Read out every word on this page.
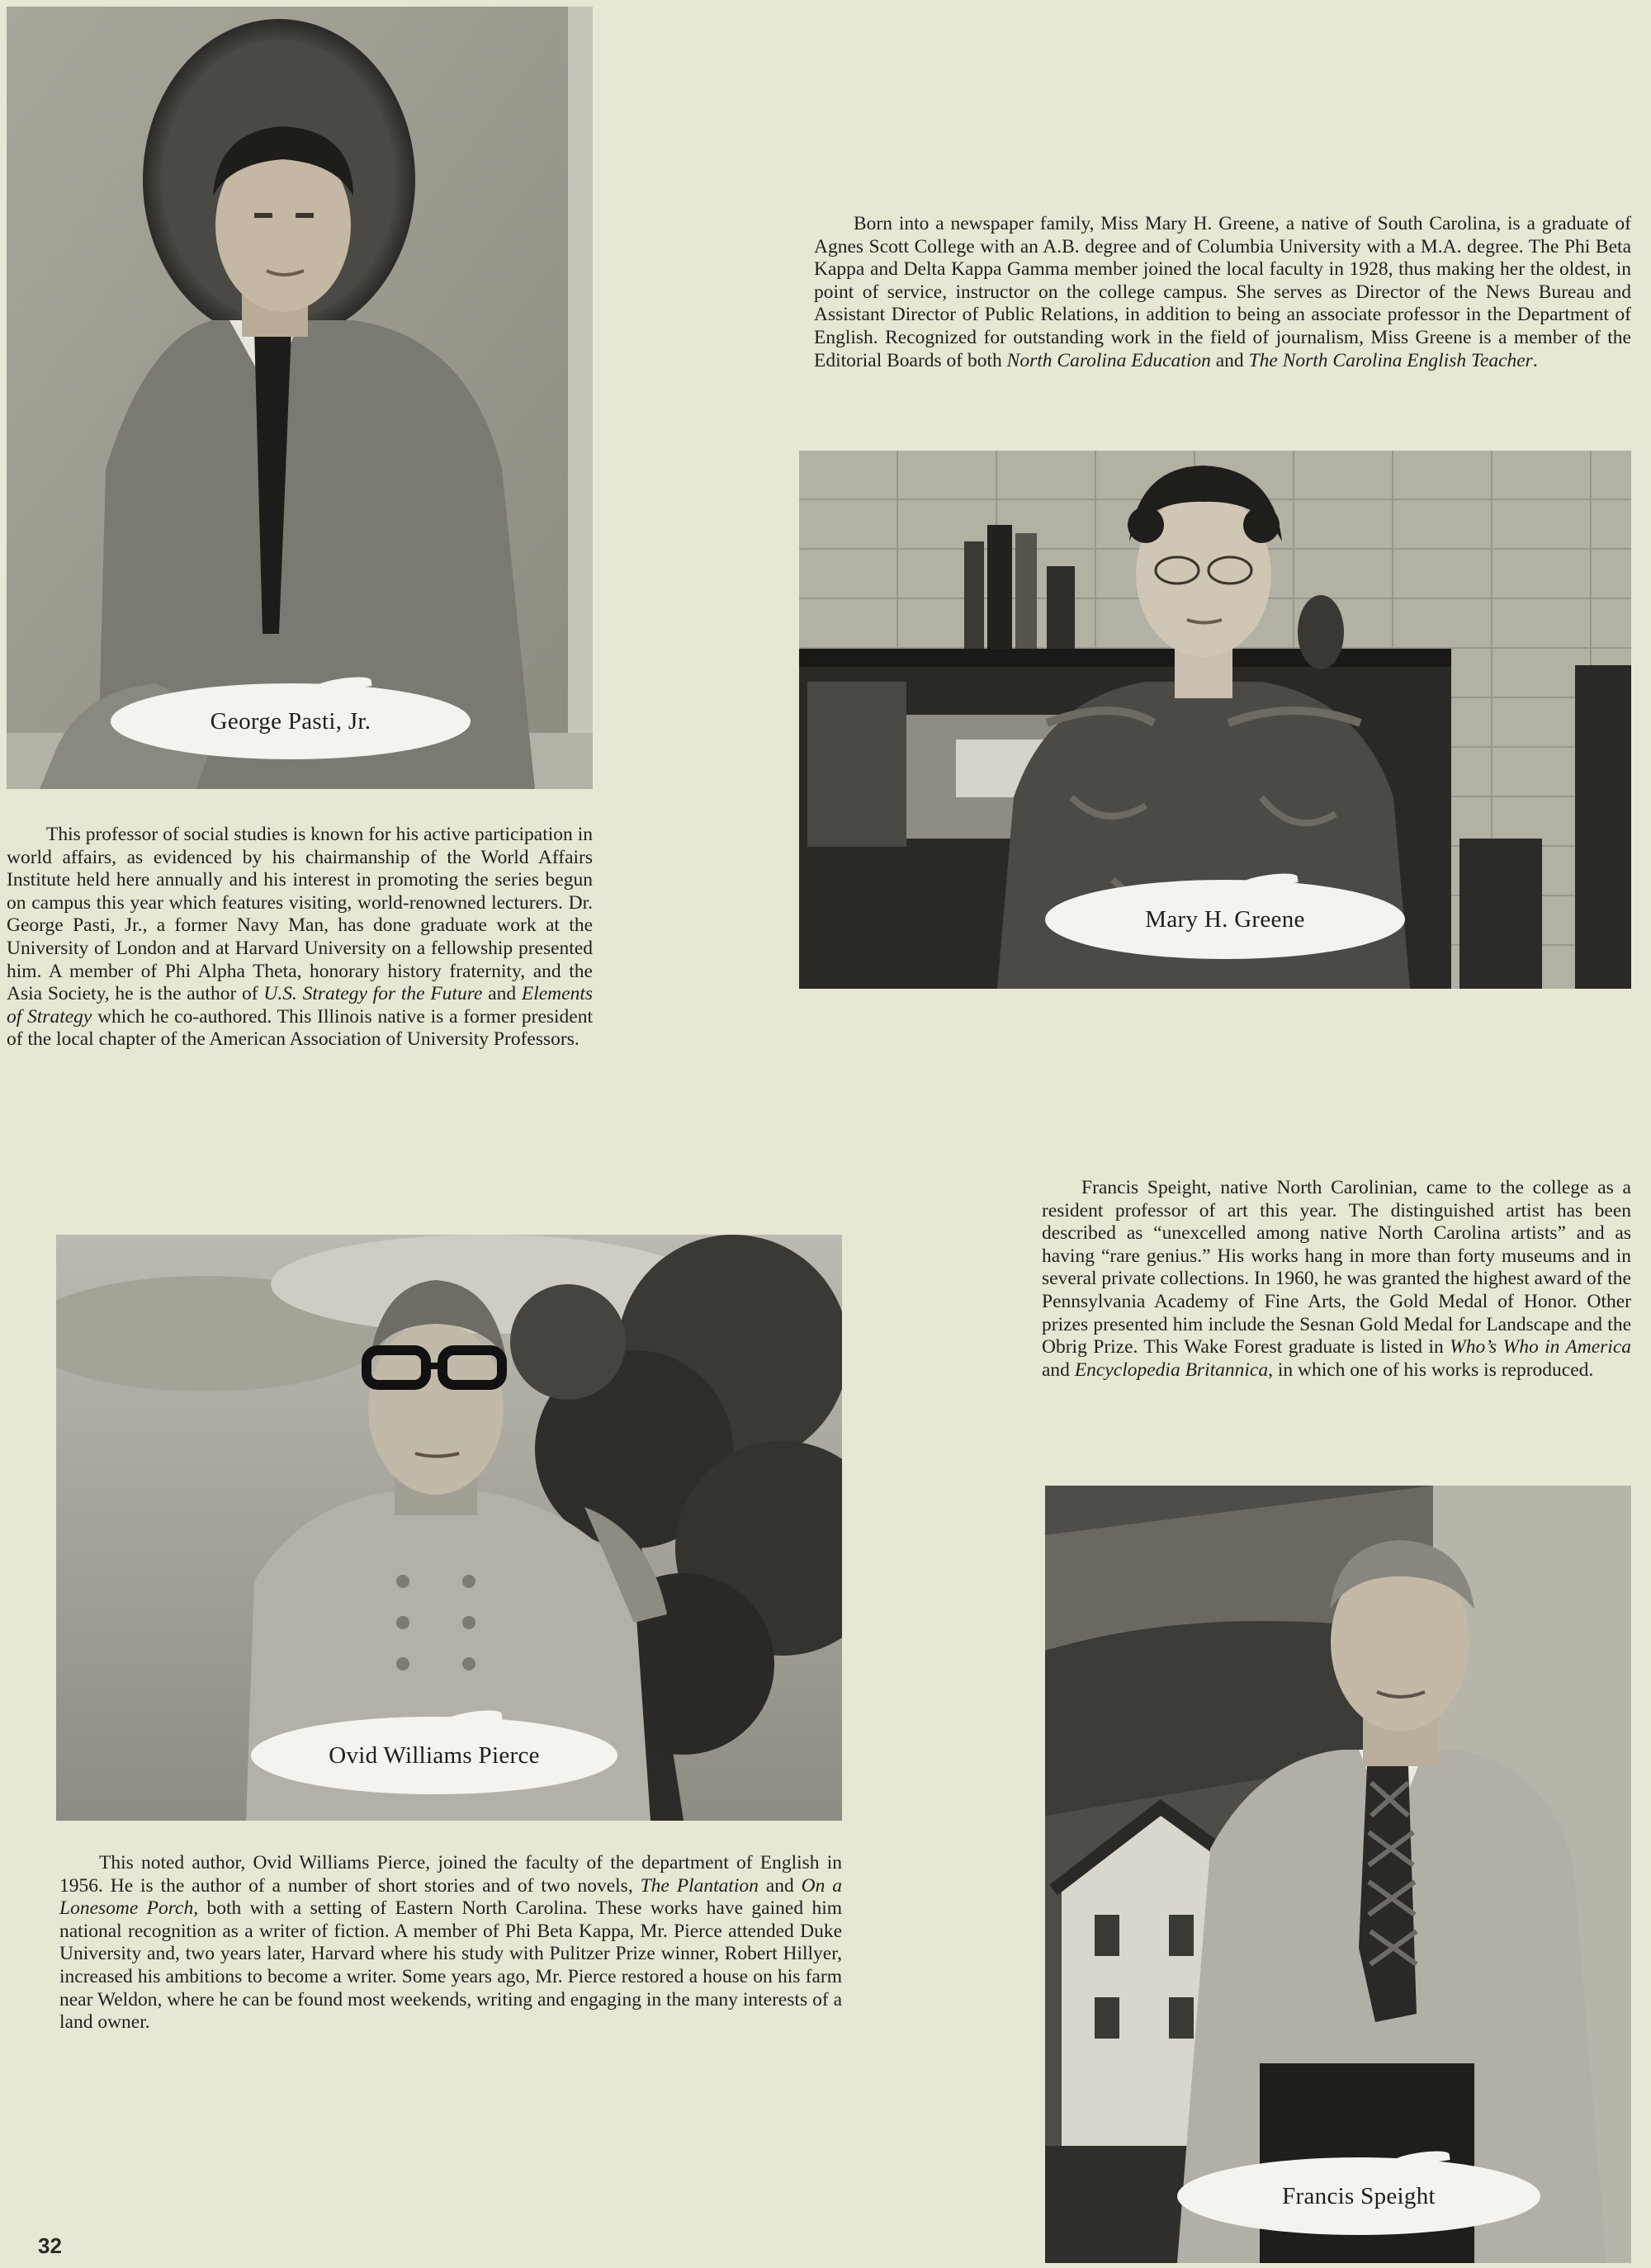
George Pasti, Jr.
This professor of social studies is known for his active participation in world affairs, as evidenced by his chairmanship of the World Affairs Institute held here annually and his interest in promoting the series begun on campus this year which features visiting, world-renowned lecturers. Dr. George Pasti, Jr., a former Navy Man, has done graduate work at the University of London and at Harvard University on a fellowship presented him. A member of Phi Alpha Theta, honorary history fraternity, and the Asia Society, he is the author of U.S. Strategy for the Future and Elements of Strategy which he co-authored. This Illinois native is a former president of the local chapter of the American Association of University Professors.
Born into a newspaper family, Miss Mary H. Greene, a native of South Carolina, is a graduate of Agnes Scott College with an A.B. degree and of Columbia University with a M.A. degree. The Phi Beta Kappa and Delta Kappa Gamma member joined the local faculty in 1928, thus making her the oldest, in point of service, instructor on the college campus. She serves as Director of the News Bureau and Assistant Director of Public Relations, in addition to being an associate professor in the Department of English. Recognized for outstanding work in the field of journalism, Miss Greene is a member of the Editorial Boards of both North Carolina Education and The North Carolina English Teacher.
Mary H. Greene
Francis Speight, native North Carolinian, came to the college as a resident professor of art this year. The distinguished artist has been described as “unexcelled among native North Carolina artists” and as having “rare genius.” His works hang in more than forty museums and in several private collections. In 1960, he was granted the highest award of the Pennsylvania Academy of Fine Arts, the Gold Medal of Honor. Other prizes presented him include the Sesnan Gold Medal for Landscape and the Obrig Prize. This Wake Forest graduate is listed in Who’s Who in America and Encyclopedia Britannica, in which one of his works is reproduced.
Ovid Williams Pierce
This noted author, Ovid Williams Pierce, joined the faculty of the department of English in 1956. He is the author of a number of short stories and of two novels, The Plantation and On a Lonesome Porch, both with a setting of Eastern North Carolina. These works have gained him national recognition as a writer of fiction. A member of Phi Beta Kappa, Mr. Pierce attended Duke University and, two years later, Harvard where his study with Pulitzer Prize winner, Robert Hillyer, increased his ambitions to become a writer. Some years ago, Mr. Pierce restored a house on his farm near Weldon, where he can be found most weekends, writing and engaging in the many interests of a land owner.
Francis Speight
32
